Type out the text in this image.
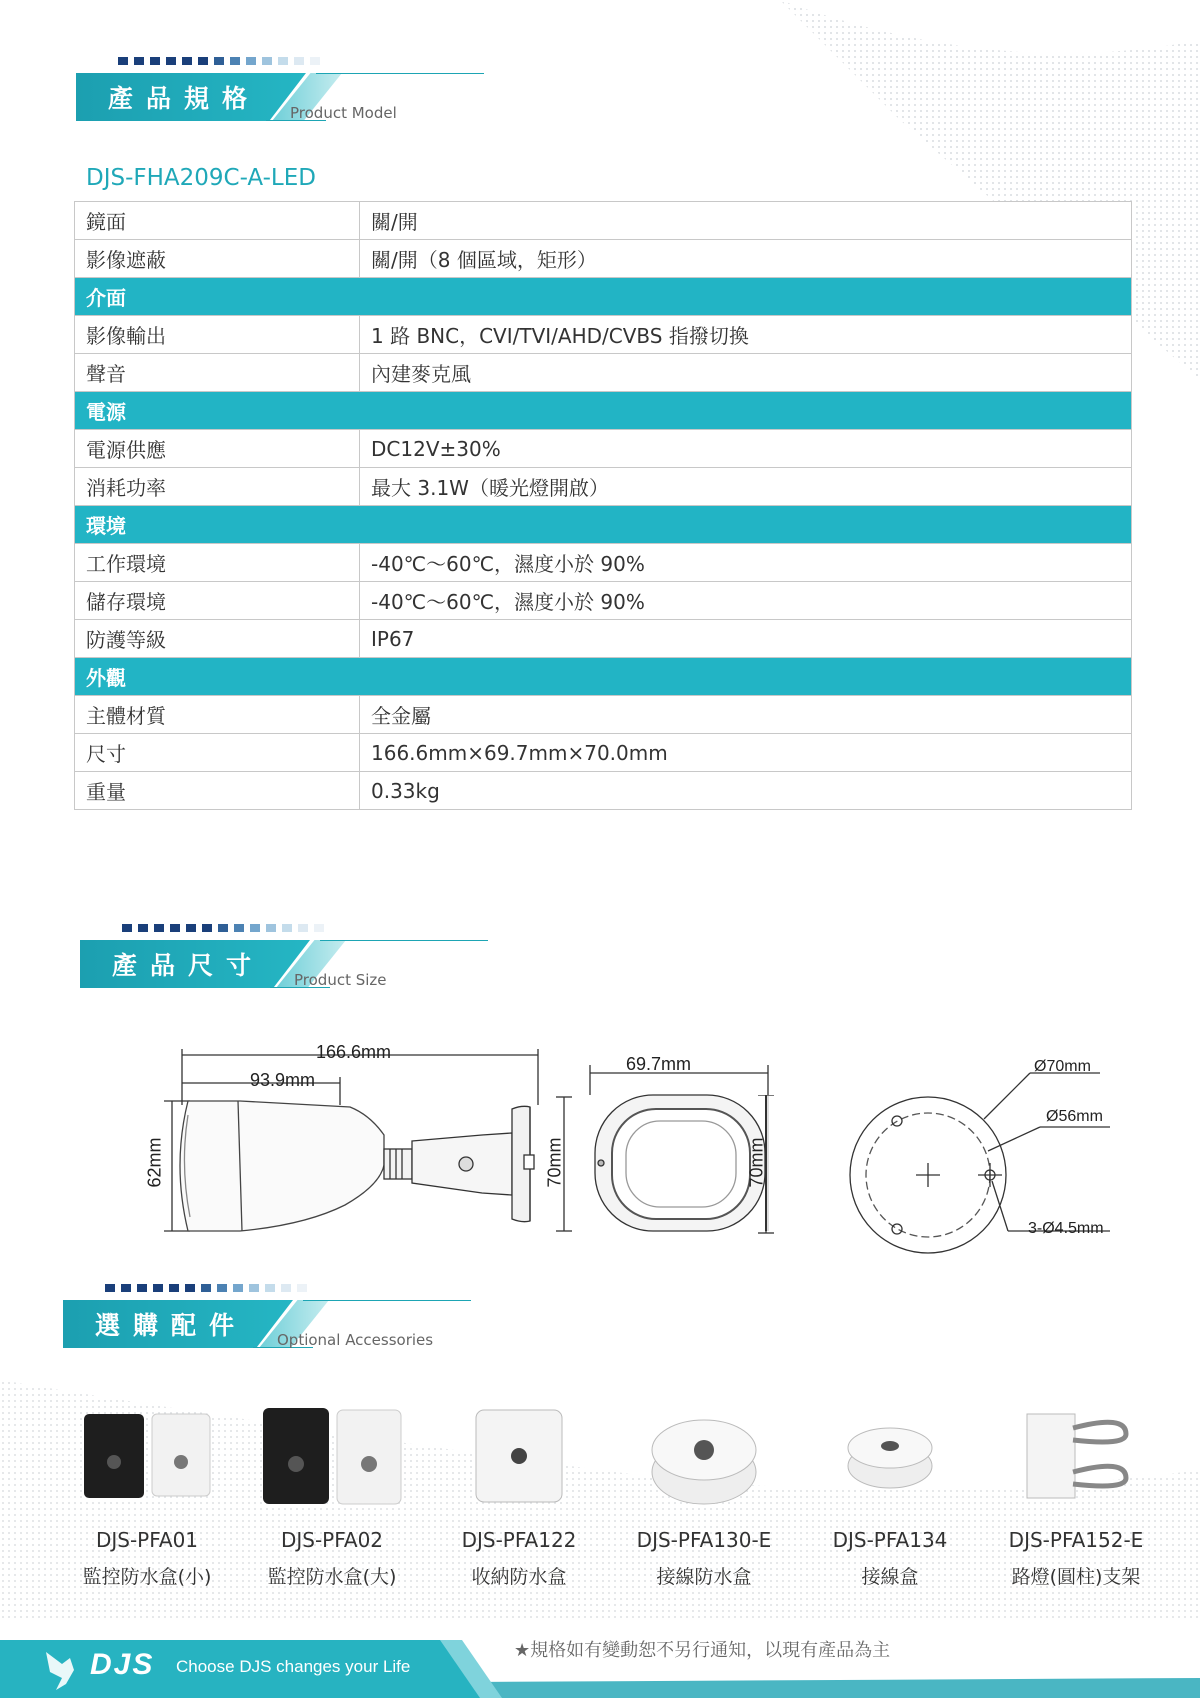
產品規格 Product Model
DJS-FHA209C-A-LED
鏡面	關/開
影像遮蔽	關/開（8 個區域，矩形）
介面	
影像輸出	1 路 BNC，CVI/TVI/AHD/CVBS 指撥切換
聲音	內建麥克風
電源	
電源供應	DC12V±30%
消耗功率	最大 3.1W（暖光燈開啟）
環境	
工作環境	-40℃～60℃，濕度小於 90%
儲存環境	-40℃～60℃，濕度小於 90%
防護等級	IP67
外觀	
主體材質	全金屬
尺寸	166.6mm×69.7mm×70.0mm
重量	0.33kg
產品尺寸 Product Size
166.6mm
93.9mm
62mm	70mm
69.7mm
70mm
Ø70mm
Ø56mm
3-Ø4.5mm
選購配件 Optional Accessories
DJS-PFA01
監控防水盒(小)
DJS-PFA02
監控防水盒(大)
DJS-PFA122
收納防水盒
DJS-PFA130-E
接線防水盒
DJS-PFA134
接線盒
DJS-PFA152-E
路燈(圓柱)支架
DJS Choose DJS changes your Life
★規格如有變動恕不另行通知，以現有產品為主
